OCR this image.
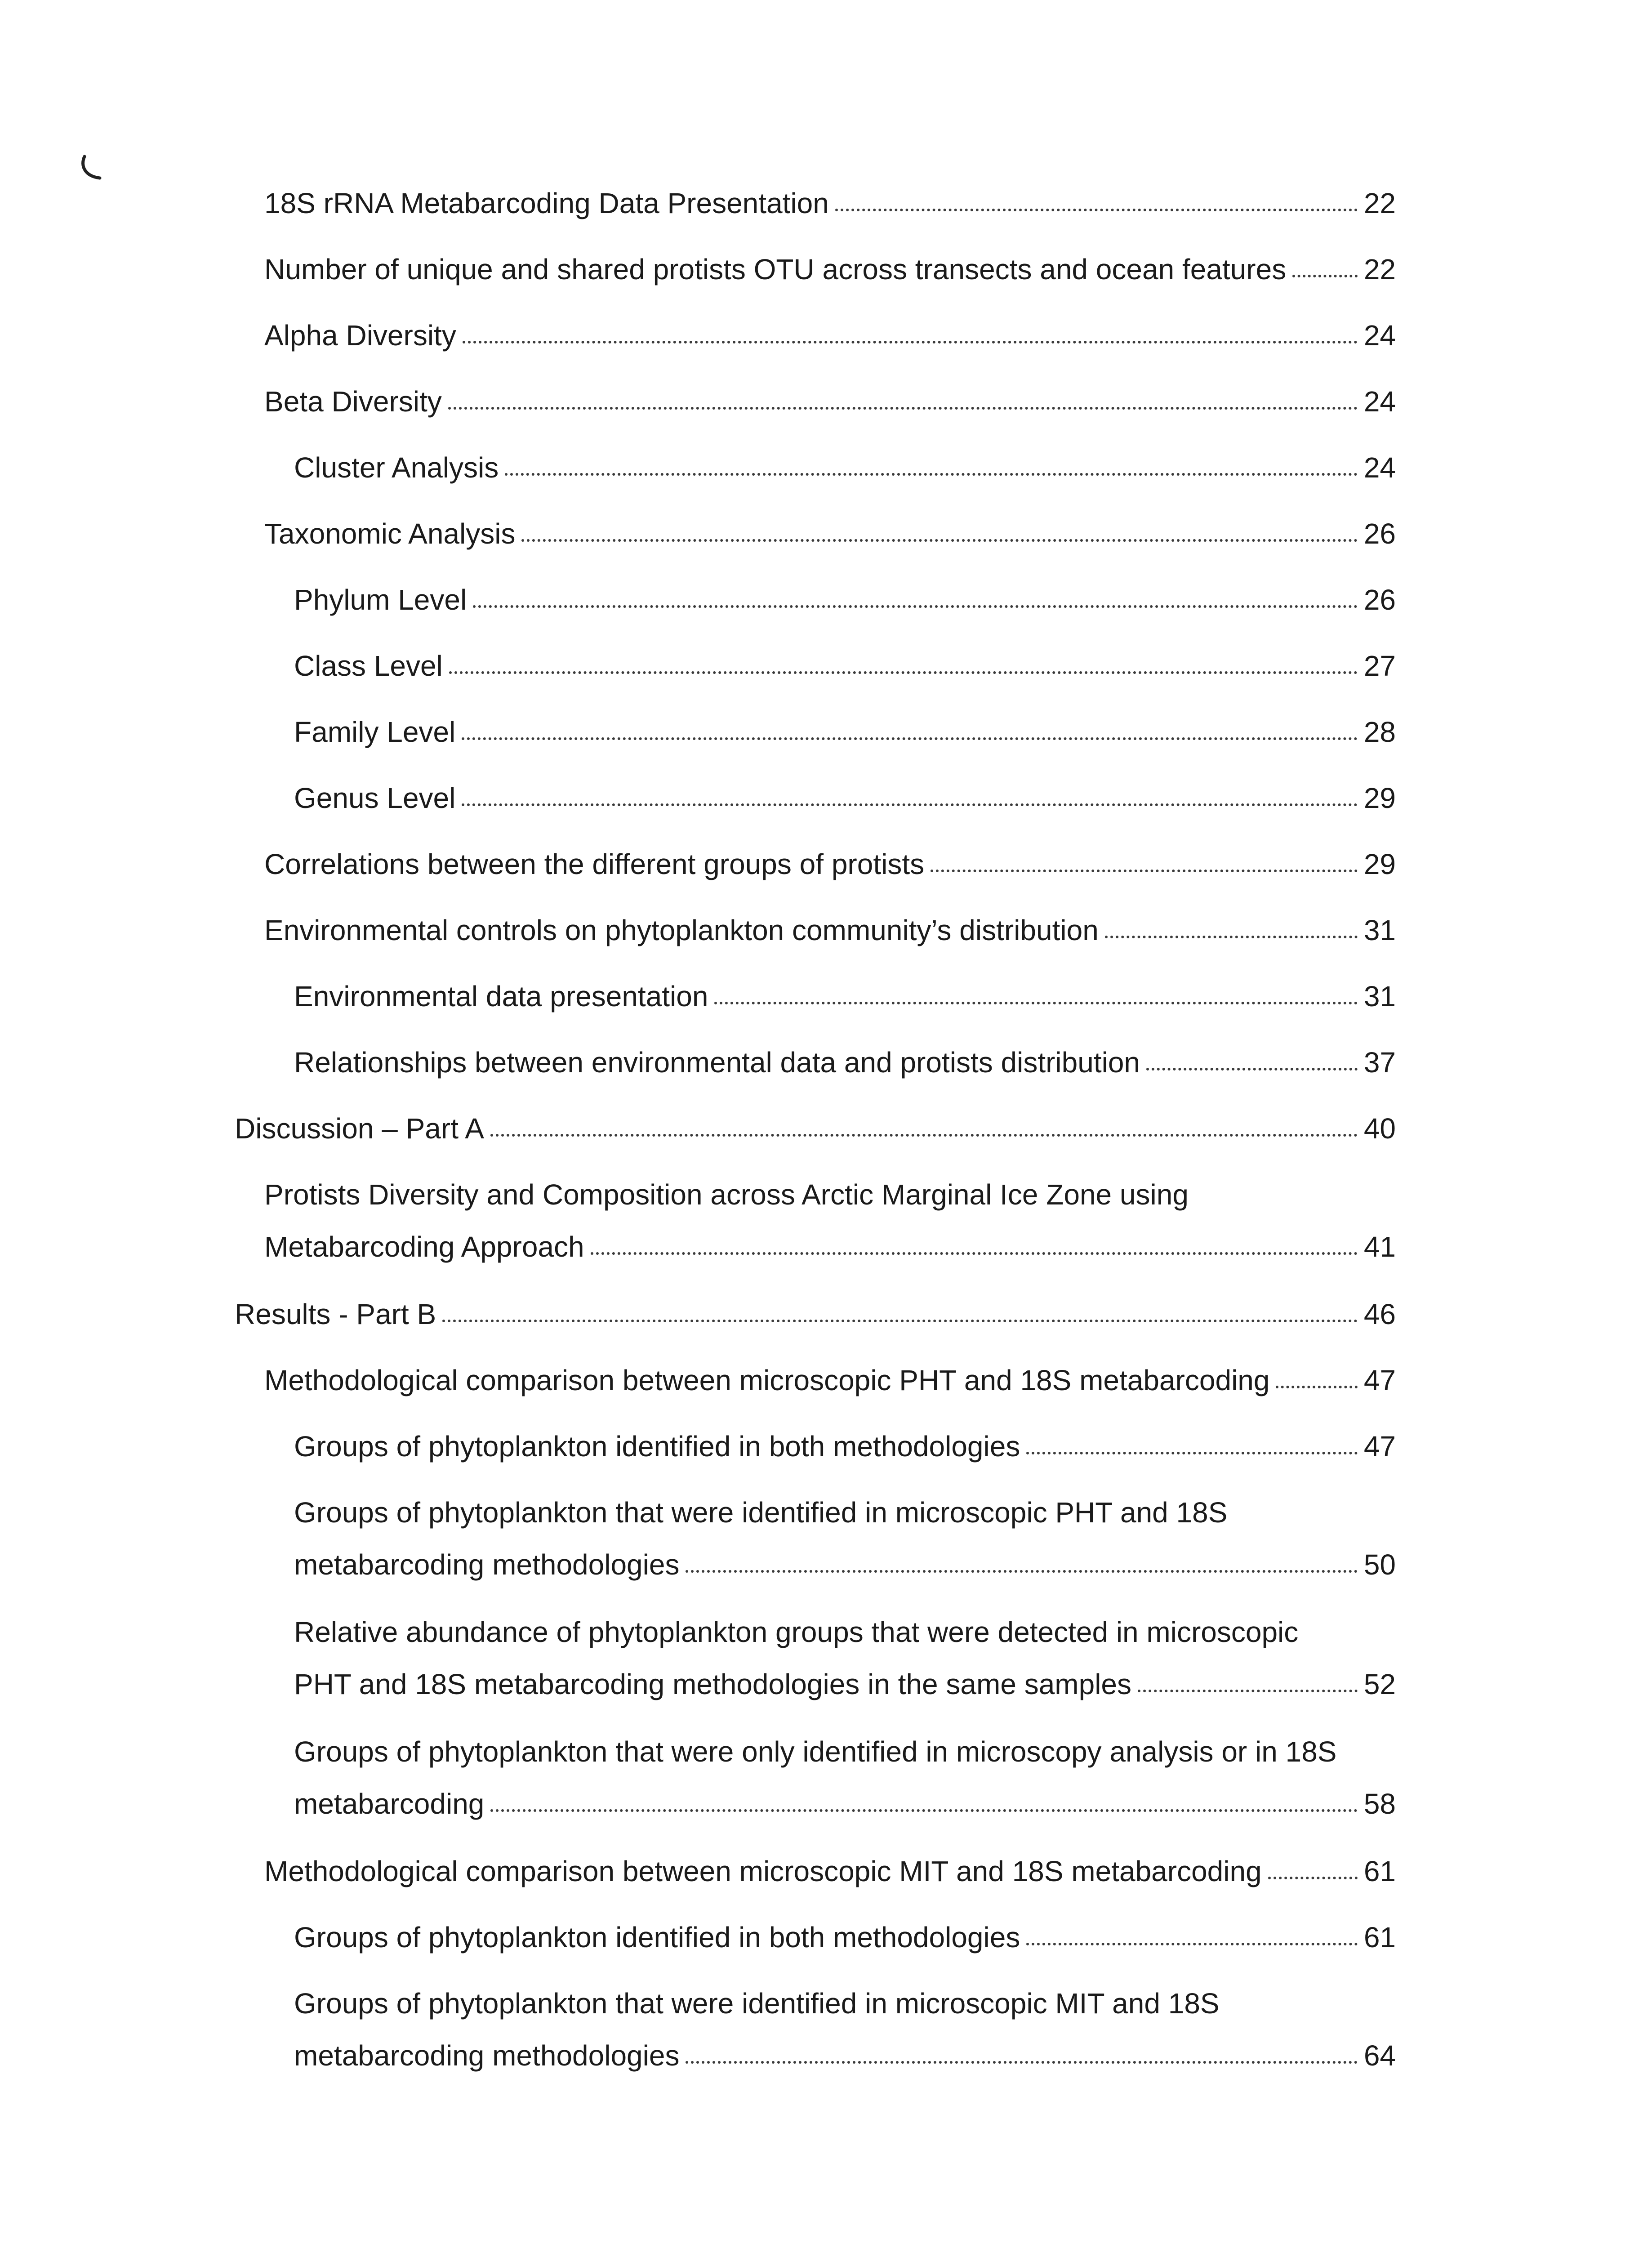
18S rRNA Metabarcoding Data Presentation	22
Number of unique and shared protists OTU across transects and ocean features	22
Alpha Diversity	24
Beta Diversity	24
Cluster Analysis	24
Taxonomic Analysis	26
Phylum Level	26
Class Level	27
Family Level	28
Genus Level	29
Correlations between the different groups of protists	29
Environmental controls on phytoplankton community’s distribution	31
Environmental data presentation	31
Relationships between environmental data and protists distribution	37
Discussion – Part A	40
Protists Diversity and Composition across Arctic Marginal Ice Zone using
Metabarcoding Approach	41
Results - Part B	46
Methodological comparison between microscopic PHT and 18S metabarcoding	47
Groups of phytoplankton identified in both methodologies	47
Groups of phytoplankton that were identified in microscopic PHT and 18S
metabarcoding methodologies	50
Relative abundance of phytoplankton groups that were detected in microscopic
PHT and 18S metabarcoding methodologies in the same samples	52
Groups of phytoplankton that were only identified in microscopy analysis or in 18S
metabarcoding	58
Methodological comparison between microscopic MIT and 18S metabarcoding	61
Groups of phytoplankton identified in both methodologies	61
Groups of phytoplankton that were identified in microscopic MIT and 18S
metabarcoding methodologies	64
